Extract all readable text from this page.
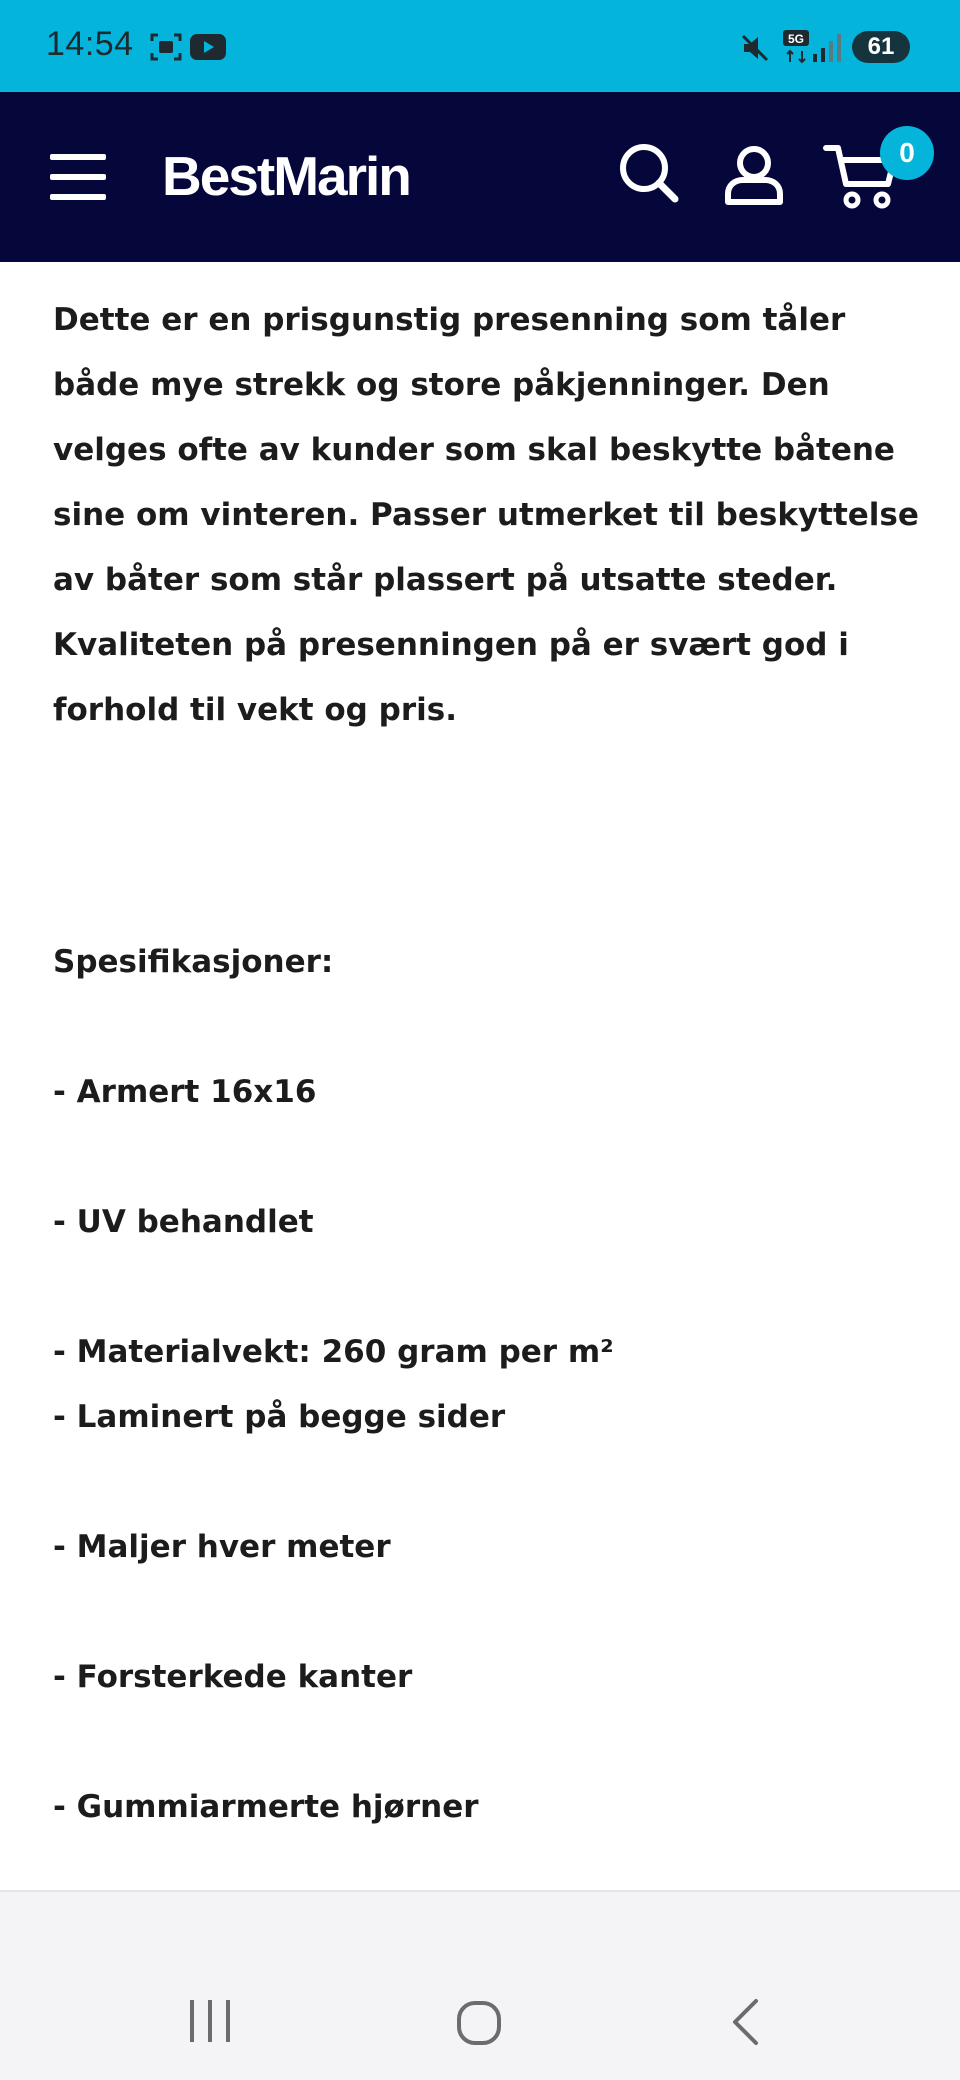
14:54	5G	61
BestMarin	0

Dette er en prisgunstig presenning som tåler både mye strekk og store påkjenninger. Den velges ofte av kunder som skal beskytte båtene sine om vinteren. Passer utmerket til beskyttelse av båter som står plassert på utsatte steder. Kvaliteten på presenningen på er svært god i forhold til vekt og pris.

Spesifikasjoner:
- Armert 16x16
- UV behandlet
- Materialvekt: 260 gram per m²
- Laminert på begge sider
- Maljer hver meter
- Forsterkede kanter
- Gummiarmerte hjørner
